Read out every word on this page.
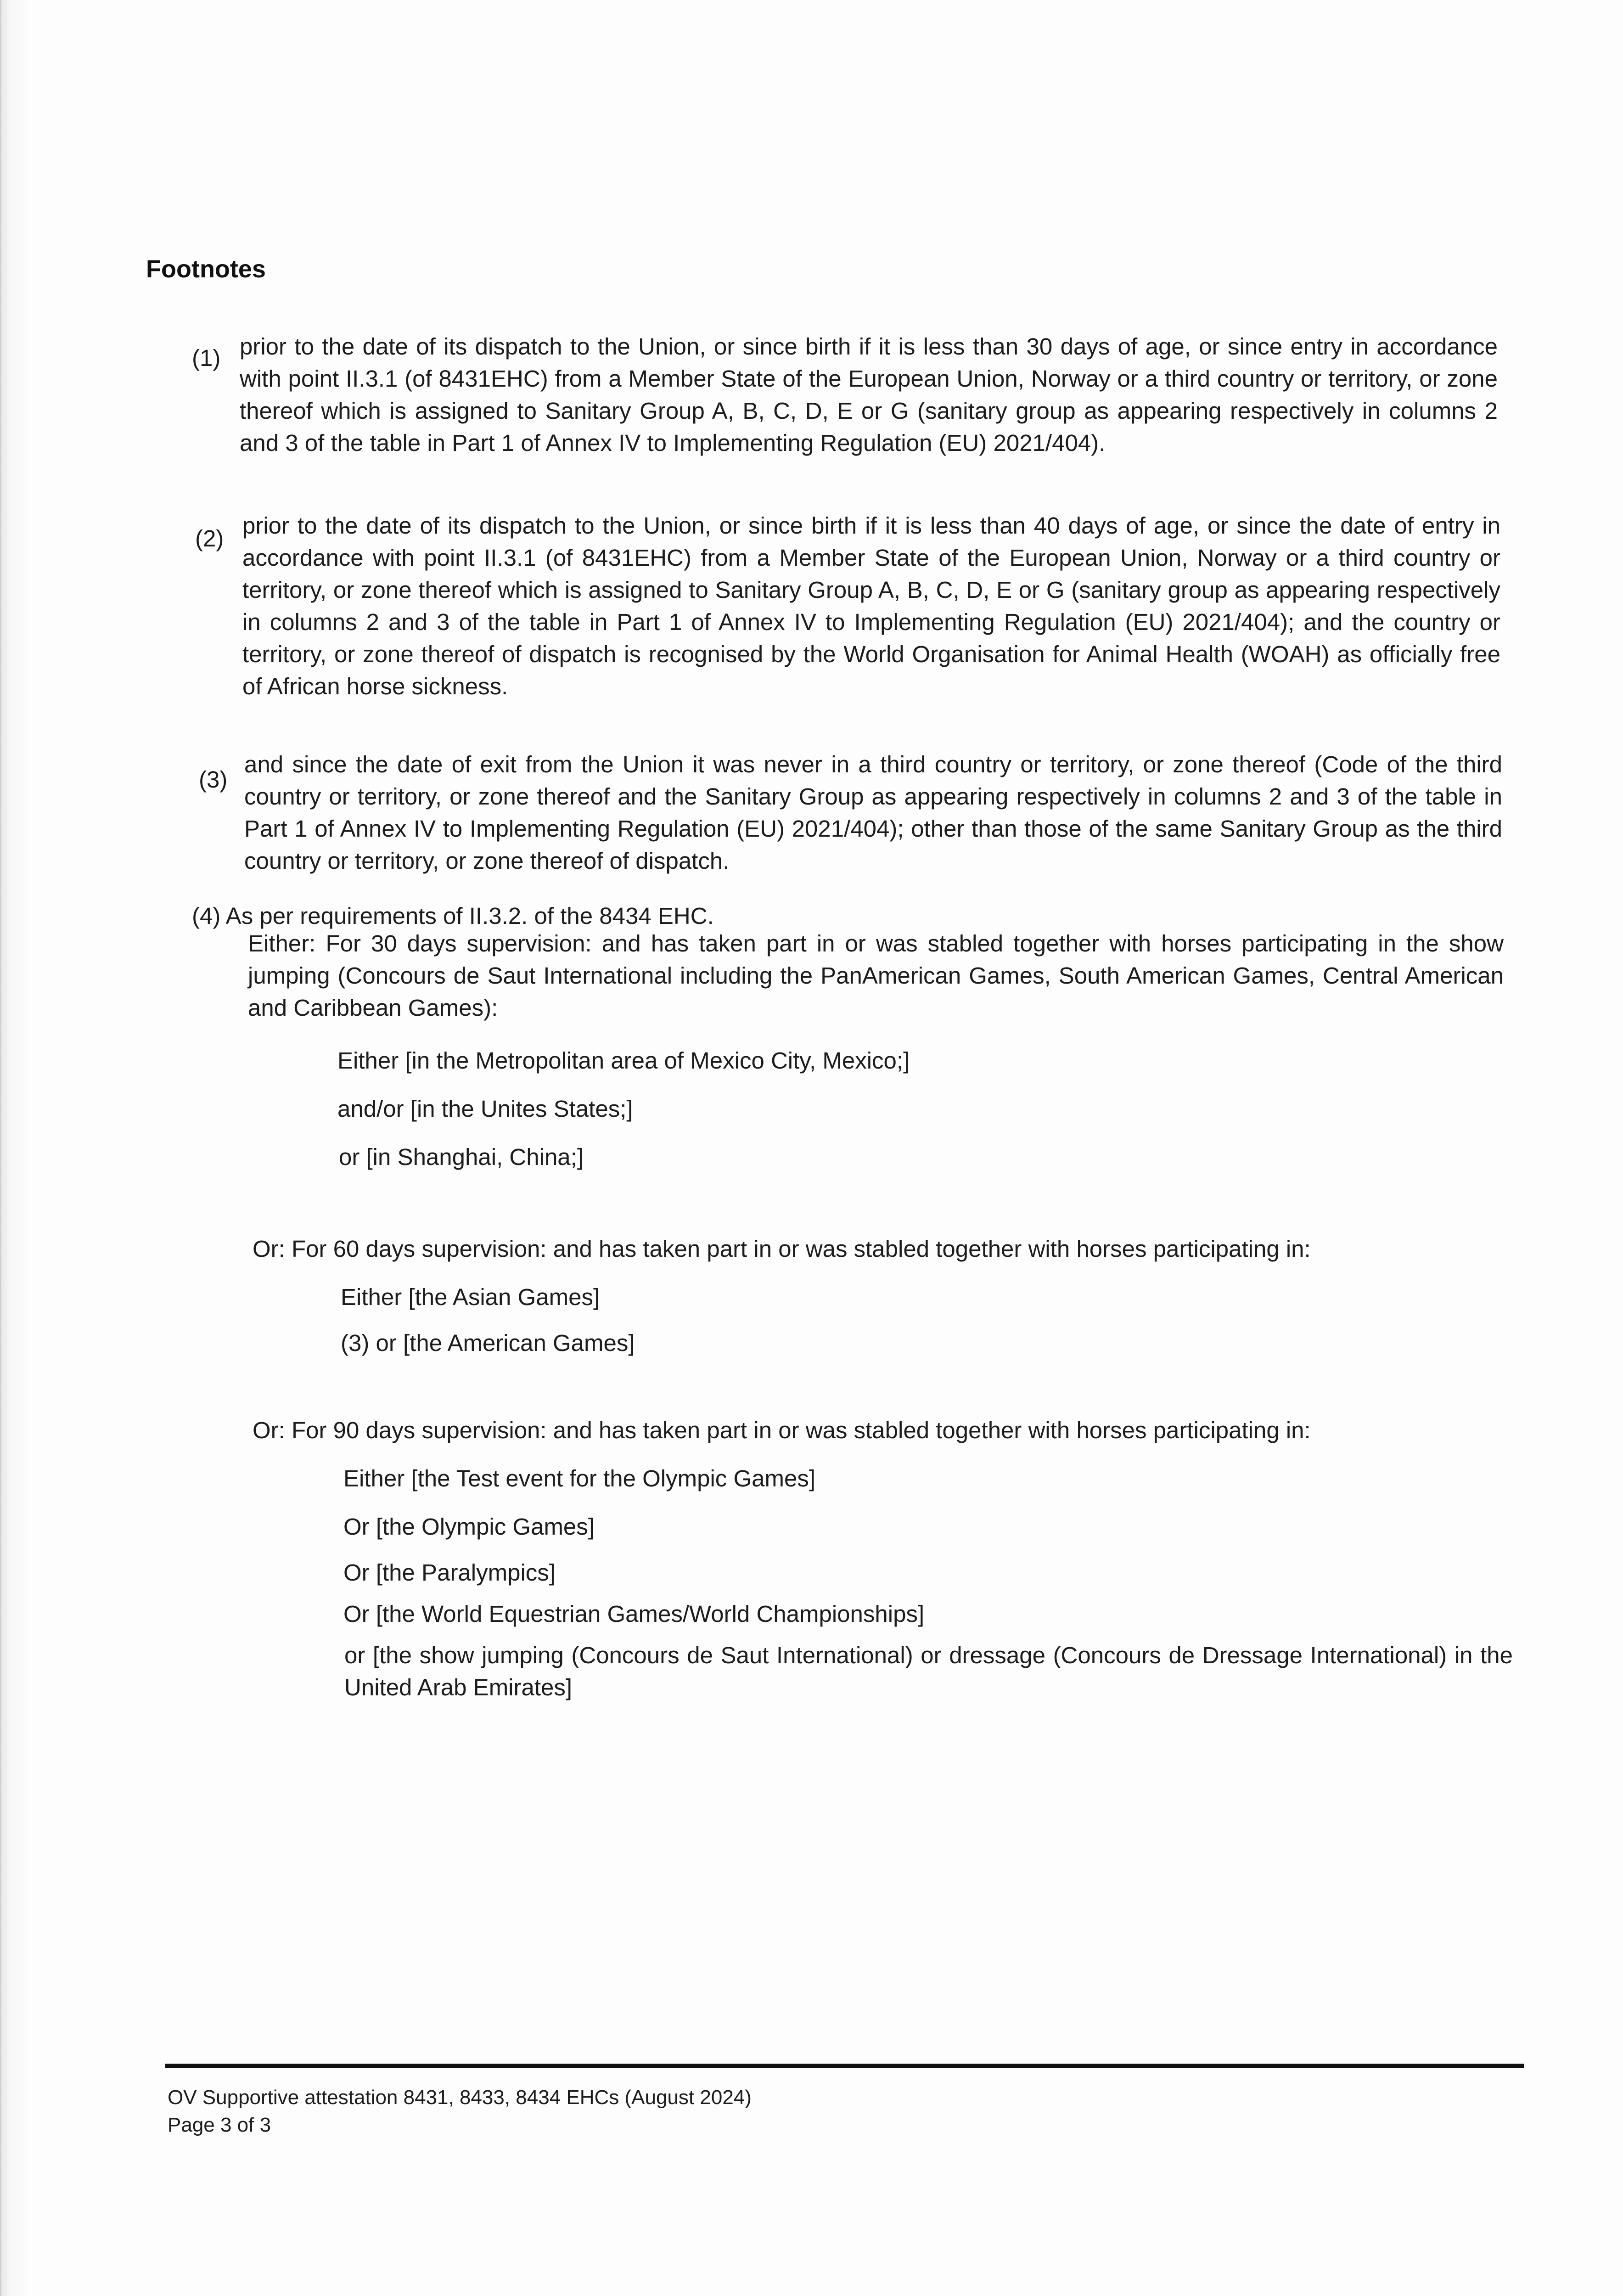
Footnotes
(1) prior to the date of its dispatch to the Union, or since birth if it is less than 30 days of age, or since entry in accordance with point II.3.1 (of 8431EHC) from a Member State of the European Union, Norway or a third country or territory, or zone thereof which is assigned to Sanitary Group A, B, C, D, E or G (sanitary group as appearing respectively in columns 2 and 3 of the table in Part 1 of Annex IV to Implementing Regulation (EU) 2021/404).
(2) prior to the date of its dispatch to the Union, or since birth if it is less than 40 days of age, or since the date of entry in accordance with point II.3.1 (of 8431EHC) from a Member State of the European Union, Norway or a third country or territory, or zone thereof which is assigned to Sanitary Group A, B, C, D, E or G (sanitary group as appearing respectively in columns 2 and 3 of the table in Part 1 of Annex IV to Implementing Regulation (EU) 2021/404); and the country or territory, or zone thereof of dispatch is recognised by the World Organisation for Animal Health (WOAH) as officially free of African horse sickness.
(3)
and since the date of exit from the Union it was never in a third country or territory, or zone thereof (Code of the third country or territory, or zone thereof and the Sanitary Group as appearing respectively in columns 2 and 3 of the table in Part 1 of Annex IV to Implementing Regulation (EU) 2021/404); other than those of the same Sanitary Group as the third country or territory, or zone thereof of dispatch.
(4) As per requirements of II.3.2. of the 8434 EHC.
Either: For 30 days supervision: and has taken part in or was stabled together with horses participating in the show jumping (Concours de Saut International including the PanAmerican Games, South American Games, Central American and Caribbean Games):
Either [in the Metropolitan area of Mexico City, Mexico;]
and/or [in the Unites States;]
or [in Shanghai, China;]
Or: For 60 days supervision: and has taken part in or was stabled together with horses participating in:
Either [the Asian Games]
(3) or [the American Games]
Or: For 90 days supervision: and has taken part in or was stabled together with horses participating in:
Either [the Test event for the Olympic Games]
Or [the Olympic Games]
Or [the Paralympics]
Or [the World Equestrian Games/World Championships]
or [the show jumping (Concours de Saut International) or dressage (Concours de Dressage International) in the United Arab Emirates]
OV Supportive attestation 8431, 8433, 8434 EHCs (August 2024)
Page 3 of 3
